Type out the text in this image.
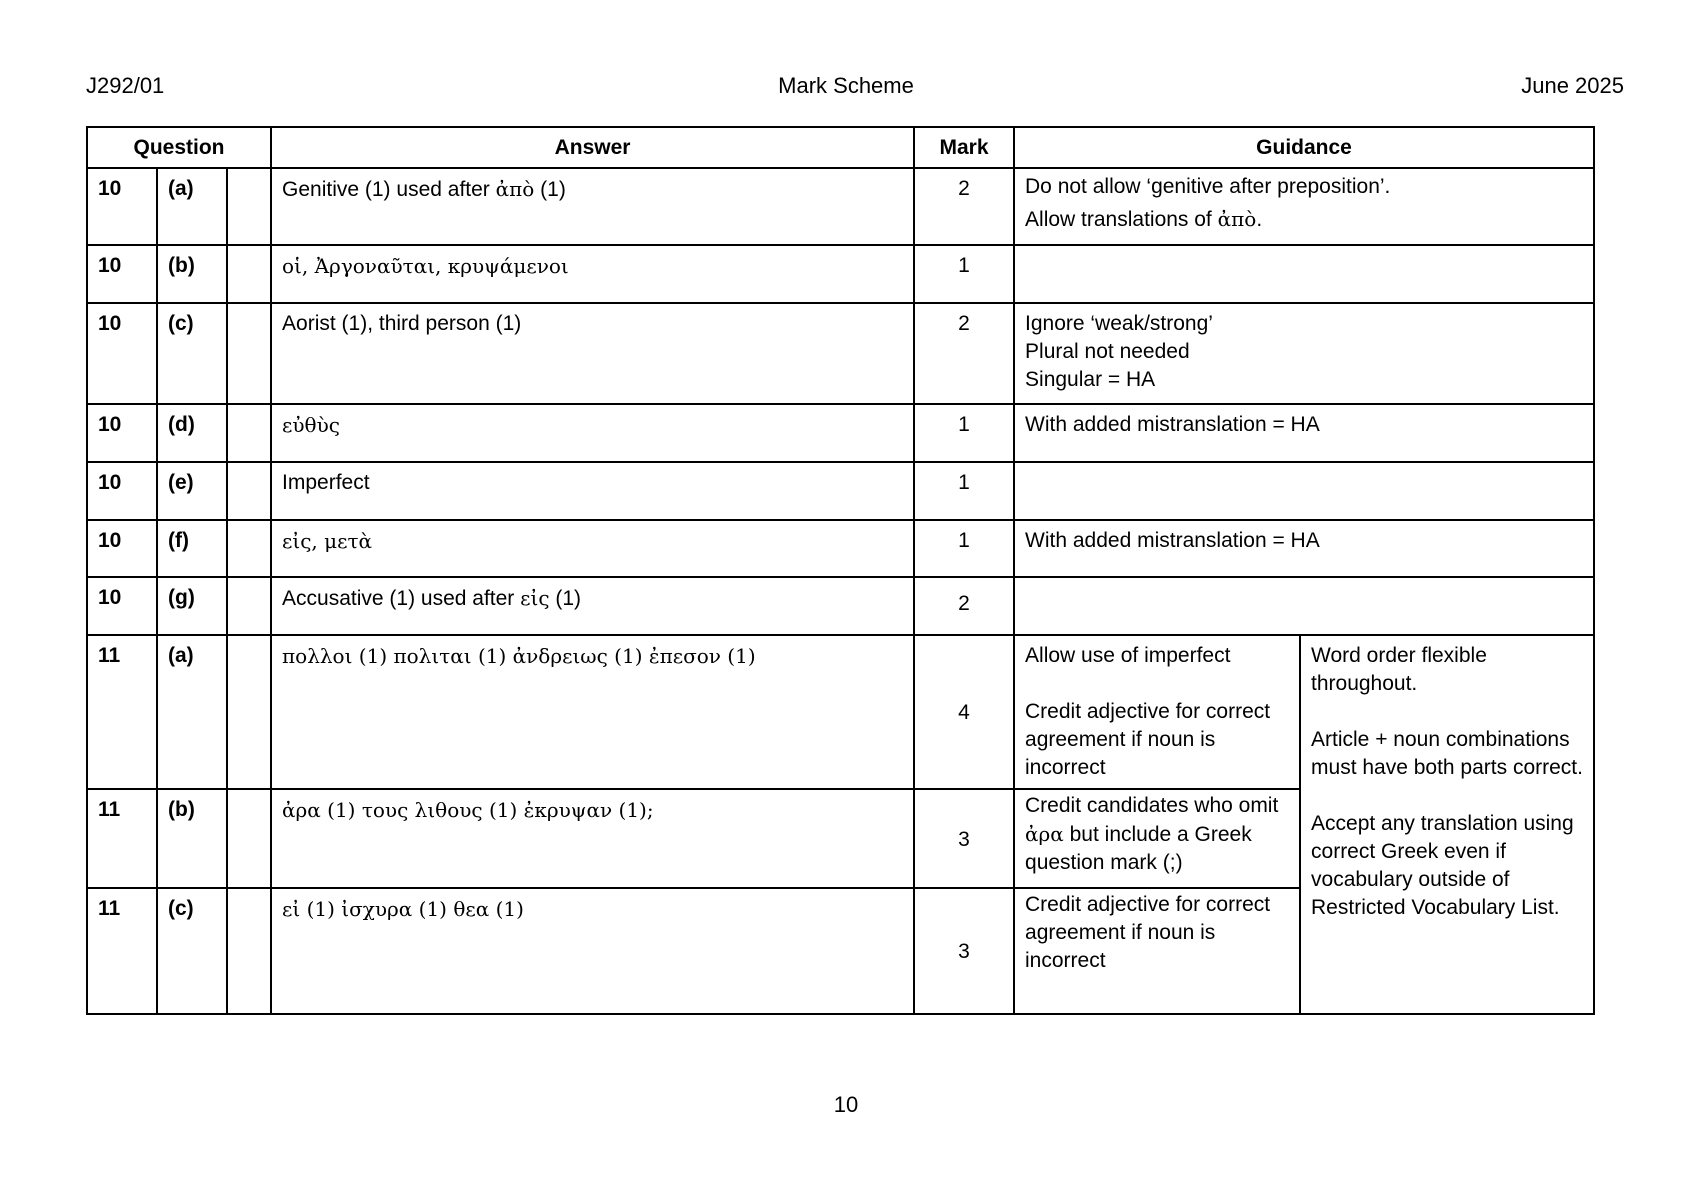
J292/01	Mark Scheme	June 2025
Question			Answer	Mark	Guidance	
10	(a)		Genitive (1) used after ἀπὸ (1)	2	Do not allow ‘genitive after preposition’.
Allow translations of ἀπὸ.	

10	(b)		οἱ, Ἀργοναῦται, κρυψάμενοι	1		
10	(c)		Aorist (1), third person (1)	2	Ignore ‘weak/strong’
Plural not needed
Singular = HA	

10	(d)		εὐθὺς	1	With added mistranslation = HA	
10	(e)		Imperfect	1		
10	(f)		εἰς, μετὰ	1	With added mistranslation = HA	
10	(g)		Accusative (1) used after εἰς (1)	2		
11	(a)		πολλοι (1) πολιται (1) ἀνδρειως (1) ἐπεσον (1)	4	
Allow use of imperfect
Credit adjective for correct agreement if noun is incorrect

Word order flexible throughout.
Article + noun combinations must have both parts correct.
Accept any translation using correct Greek even if vocabulary outside of Restricted Vocabulary List.

11	(b)		ἀρα (1) τους λιθους (1) ἐκρυψαν (1);	3	Credit candidates who omit ἀρα but include a Greek question mark (;)	
11	(c)		εἰ (1) ἰσχυρα (1) θεα (1)	3	Credit adjective for correct agreement if noun is incorrect	
10
